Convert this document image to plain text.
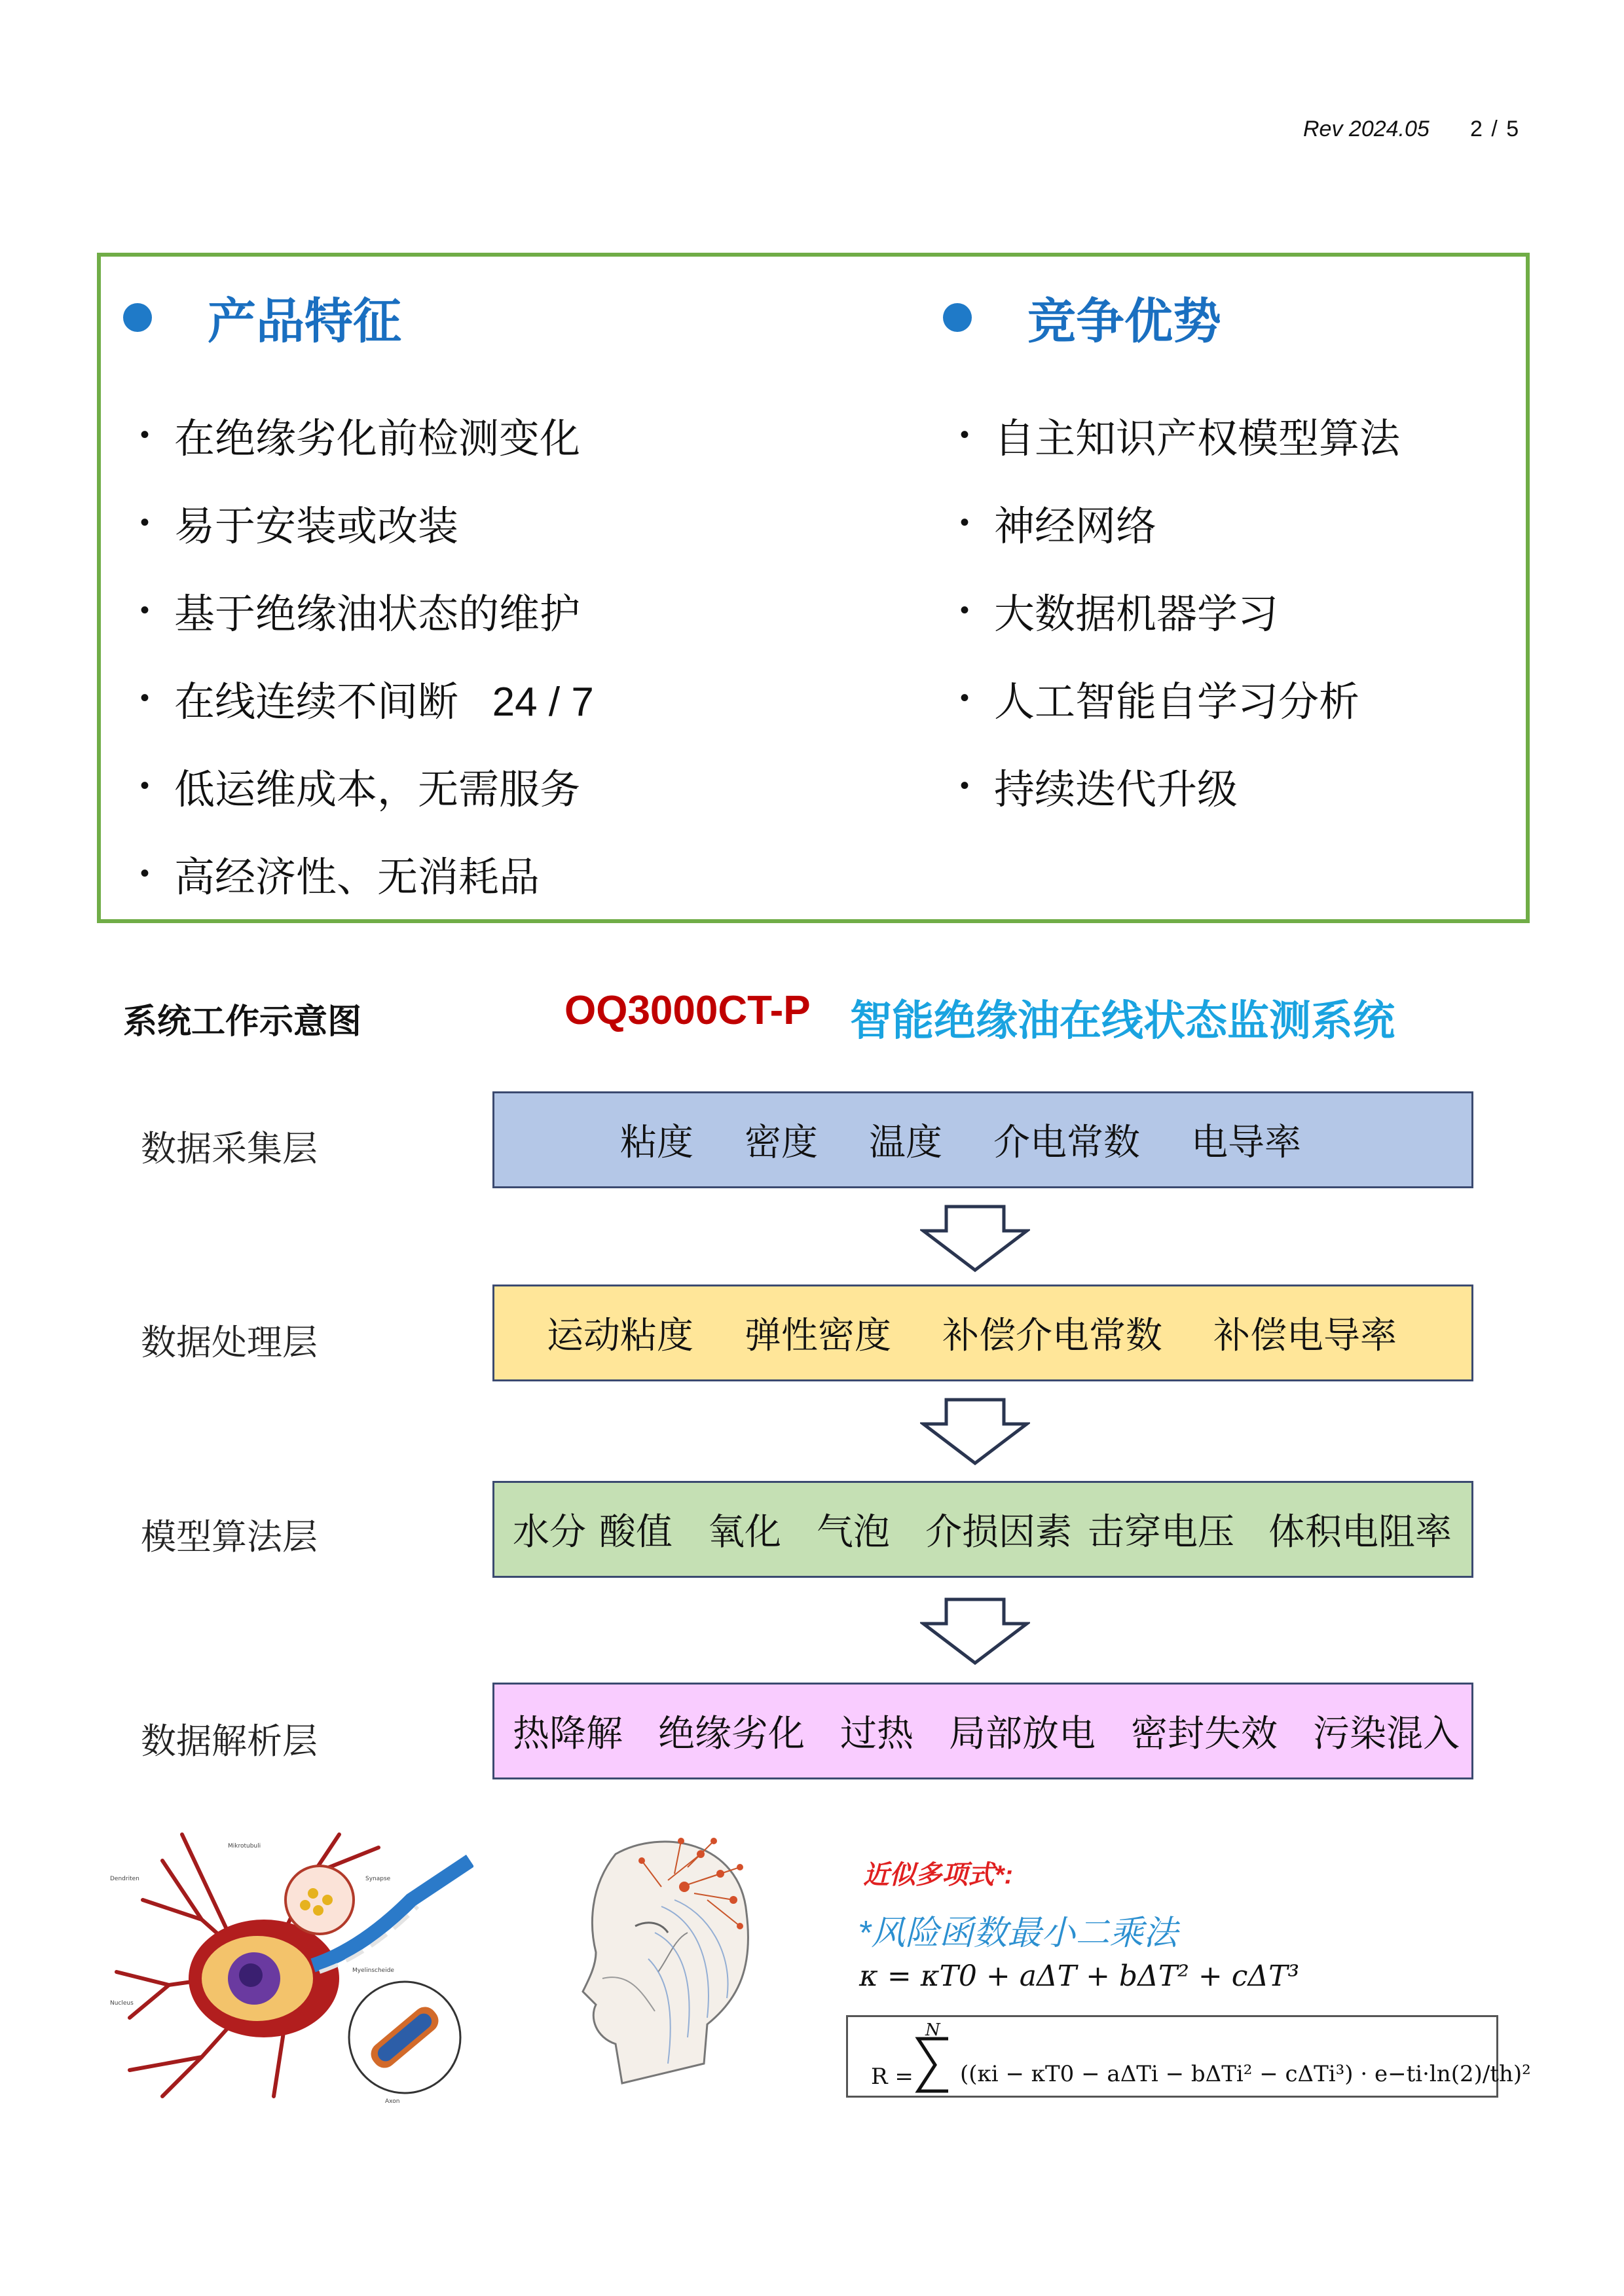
Rev 2024.05 2 / 5
产品特征
• 在绝缘劣化前检测变化
• 易于安装或改装
• 基于绝缘油状态的维护
• 在线连续不间断   24 / 7
• 低运维成本，无需服务
• 高经济性、无消耗品
竞争优势
• 自主知识产权模型算法
• 神经网络
• 大数据机器学习
• 人工智能自学习分析
• 持续迭代升级
系统工作示意图	OQ3000CT-P 智能绝缘油在线状态监测系统
数据采集层	粘度 密度 温度 介电常数 电导率
数据处理层	运动粘度 弹性密度 补偿介电常数 补偿电导率
模型算法层	水分 酸值 氧化 气泡 介损因素 击穿电压 体积电阻率
数据解析层	热降解 绝缘劣化 过热 局部放电 密封失效 污染混入
Dendriten
Nucleus
Mikrotubuli
Synapse
Myelinscheide
Axon
近似多项式*:
*风险函数最小二乘法
κ = κT0 + aΔT + bΔT² + cΔT³
R =
N
((κi − κT0 − aΔTi − bΔTi² − cΔTi³) · e−ti·ln(2)/th)²
